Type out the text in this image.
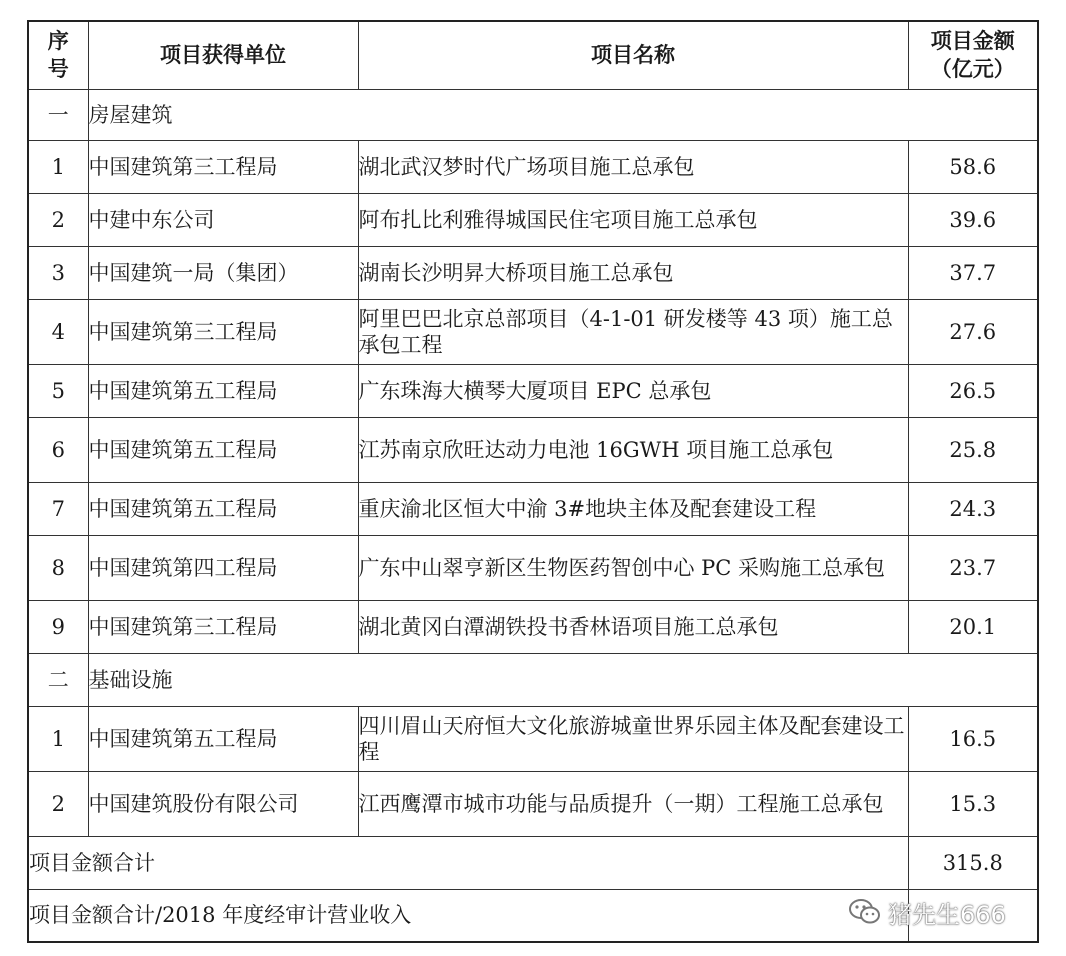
序号	项目获得单位	项目名称	项目金额
（亿元）

一	房屋建筑		
1	中国建筑第三工程局	湖北武汉梦时代广场项目施工总承包	58.6
2	中建中东公司	阿布扎比利雅得城国民住宅项目施工总承包	39.6
3	中国建筑一局（集团）	湖南长沙明昇大桥项目施工总承包	37.7
4	中国建筑第三工程局	阿里巴巴北京总部项目（4-1-01 研发楼等 43 项）施工总承包工程	27.6
5	中国建筑第五工程局	广东珠海大横琴大厦项目 EPC 总承包	26.5
6	中国建筑第五工程局	江苏南京欣旺达动力电池 16GWH 项目施工总承包	25.8
7	中国建筑第五工程局	重庆渝北区恒大中渝 3#地块主体及配套建设工程	24.3
8	中国建筑第四工程局	广东中山翠亨新区生物医药智创中心 PC 采购施工总承包	23.7
9	中国建筑第三工程局	湖北黄冈白潭湖铁投书香林语项目施工总承包	20.1
二	基础设施		
1	中国建筑第五工程局	四川眉山天府恒大文化旅游城童世界乐园主体及配套建设工程	16.5
2	中国建筑股份有限公司	江西鹰潭市城市功能与品质提升（一期）工程施工总承包	15.3
项目金额合计			315.8
项目金额合计/2018 年度经审计营业收入				猪先生666
